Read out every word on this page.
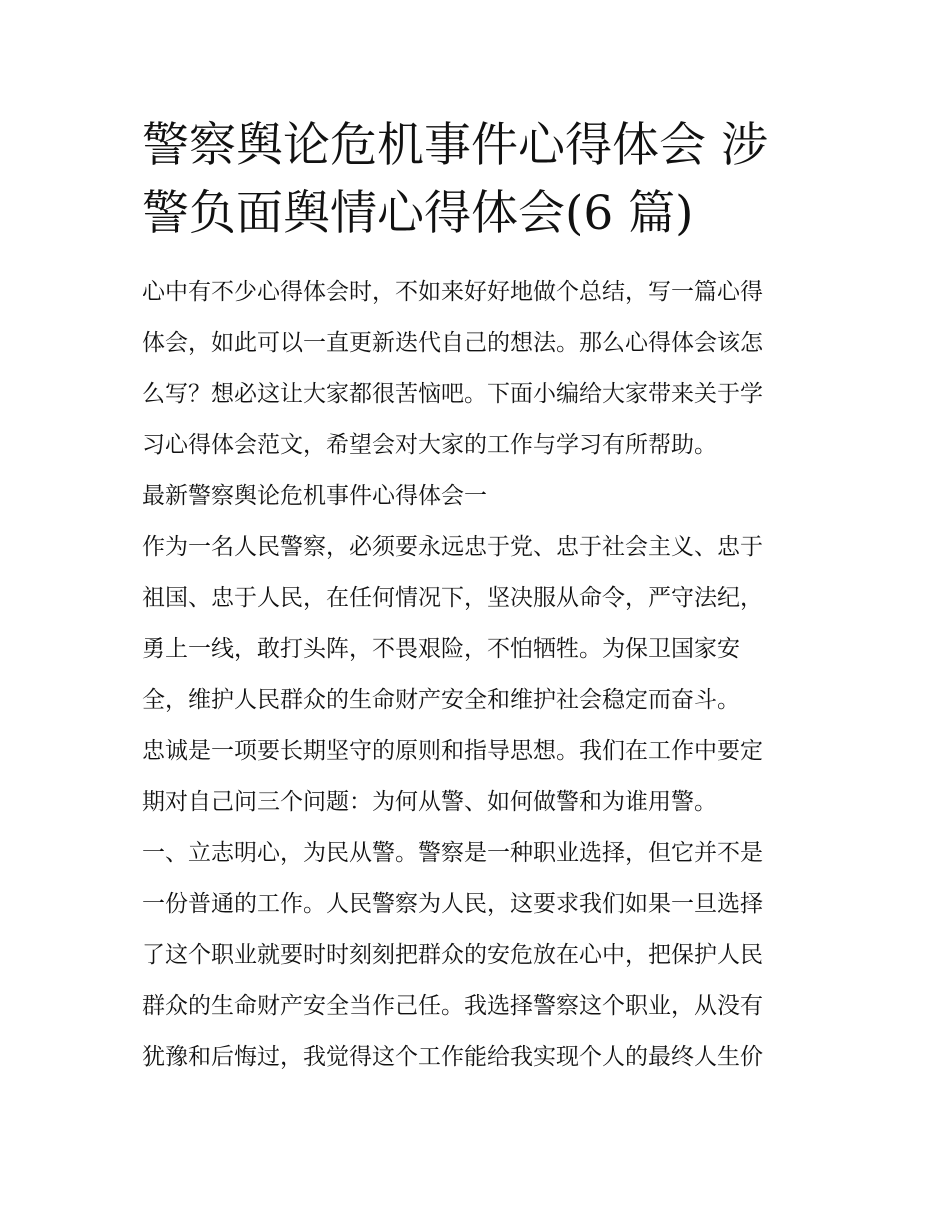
警察舆论危机事件心得体会 涉
警负面舆情心得体会(6 篇)

心中有不少心得体会时，不如来好好地做个总结，写一篇心得
体会，如此可以一直更新迭代自己的想法。那么心得体会该怎
么写？想必这让大家都很苦恼吧。下面小编给大家带来关于学
习心得体会范文，希望会对大家的工作与学习有所帮助。

最新警察舆论危机事件心得体会一

作为一名人民警察，必须要永远忠于党、忠于社会主义、忠于
祖国、忠于人民，在任何情况下，坚决服从命令，严守法纪，
勇上一线，敢打头阵，不畏艰险，不怕牺牲。为保卫国家安
全，维护人民群众的生命财产安全和维护社会稳定而奋斗。

忠诚是一项要长期坚守的原则和指导思想。我们在工作中要定
期对自己问三个问题：为何从警、如何做警和为谁用警。

一、立志明心，为民从警。警察是一种职业选择，但它并不是
一份普通的工作。人民警察为人民，这要求我们如果一旦选择
了这个职业就要时时刻刻把群众的安危放在心中，把保护人民
群众的生命财产安全当作己任。我选择警察这个职业，从没有
犹豫和后悔过，我觉得这个工作能给我实现个人的最终人生价
